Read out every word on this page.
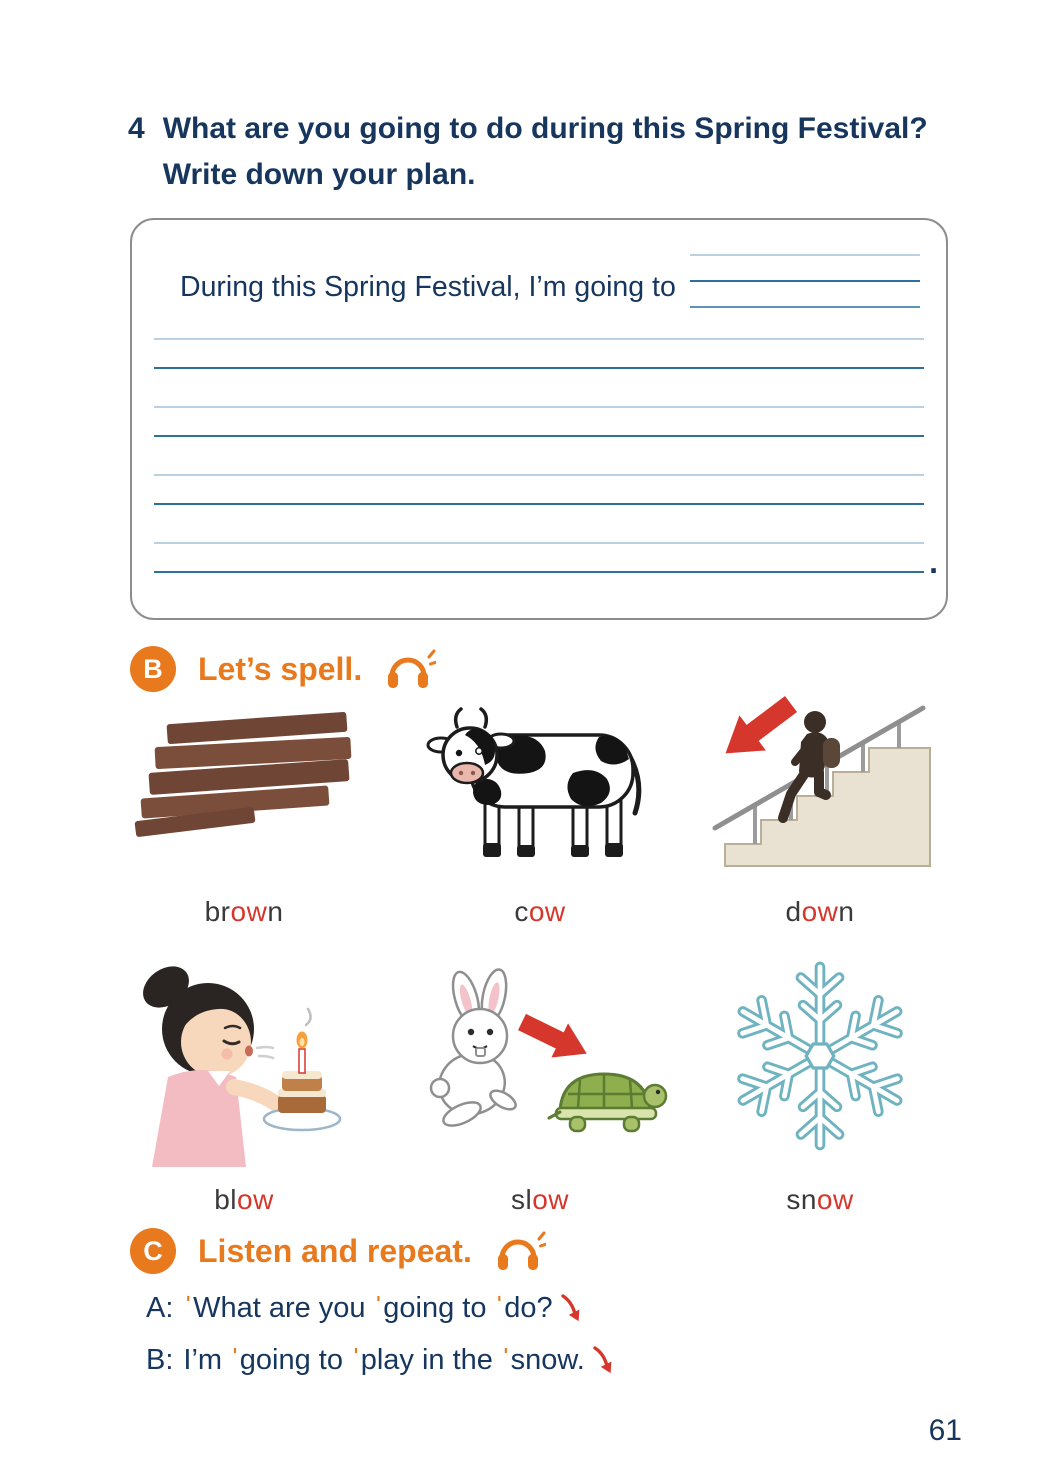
4 What are you going to do during this Spring Festival?
Write down your plan.
During this Spring Festival, I’m going to
.
B	Let’s spell.
brown	cow	down
blow	slow	snow
C	Listen and repeat.
A: ˈWhat are you ˈgoing to ˈdo?
B: I’m ˈgoing to ˈplay in the ˈsnow.
61
